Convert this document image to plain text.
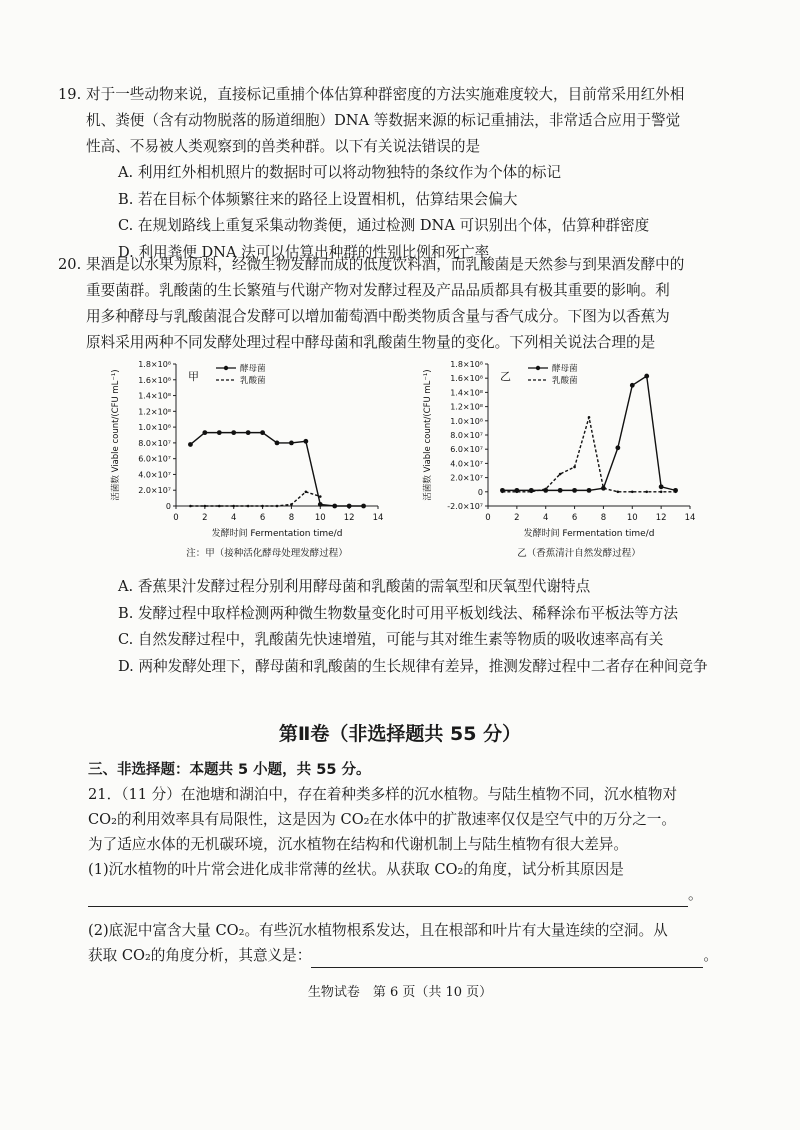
19. 对于一些动物来说，直接标记重捕个体估算种群密度的方法实施难度较大，目前常采用红外相

机、粪便（含有动物脱落的肠道细胞）DNA 等数据来源的标记重捕法，非常适合应用于警觉

性高、不易被人类观察到的兽类种群。以下有关说法错误的是

A. 利用红外相机照片的数据时可以将动物独特的条纹作为个体的标记
B. 若在目标个体频繁往来的路径上设置相机，估算结果会偏大
C. 在规划路线上重复采集动物粪便，通过检测 DNA 可识别出个体，估算种群密度
D. 利用粪便 DNA 法可以估算出种群的性别比例和死亡率

20. 果酒是以水果为原料，经微生物发酵而成的低度饮料酒，而乳酸菌是天然参与到果酒发酵中的

重要菌群。乳酸菌的生长繁殖与代谢产物对发酵过程及产品品质都具有极其重要的影响。利

用多种酵母与乳酸菌混合发酵可以增加葡萄酒中酚类物质含量与香气成分。下图为以香蕉为

原料采用两种不同发酵处理过程中酵母菌和乳酸菌生物量的变化。下列相关说法合理的是

0
2.0×10⁷
4.0×10⁷
6.0×10⁷
8.0×10⁷
1.0×10⁸
1.2×10⁸
1.4×10⁸
1.6×10⁸
1.8×10⁸
0	2	4	6	8 10 12 14
活菌数 Viable count/(CFU mL⁻¹)
发酵时间 Fermentation time/d
注：甲（接种活化酵母处理发酵过程）
甲
酵母菌
乳酸菌
-2.0×10⁷
0
2.0×10⁷
4.0×10⁷
6.0×10⁷
8.0×10⁷
1.0×10⁸
1.2×10⁸
1.4×10⁸
1.6×10⁸
1.8×10⁸
0	2	4	6	8 10 12 14
活菌数 Viable count/(CFU mL⁻¹)
发酵时间 Fermentation time/d
乙（香蕉清汁自然发酵过程）
乙
酵母菌
乳酸菌
A. 香蕉果汁发酵过程分别利用酵母菌和乳酸菌的需氧型和厌氧型代谢特点
B. 发酵过程中取样检测两种微生物数量变化时可用平板划线法、稀释涂布平板法等方法
C. 自然发酵过程中，乳酸菌先快速增殖，可能与其对维生素等物质的吸收速率高有关
D. 两种发酵处理下，酵母菌和乳酸菌的生长规律有差异，推测发酵过程中二者存在种间竞争
第Ⅱ卷（非选择题共 55 分）
三、非选择题：本题共 5 小题，共 55 分。

21．（11 分）在池塘和湖泊中，存在着种类多样的沉水植物。与陆生植物不同，沉水植物对

CO₂的利用效率具有局限性，这是因为 CO₂在水体中的扩散速率仅仅是空气中的万分之一。

为了适应水体的无机碳环境，沉水植物在结构和代谢机制上与陆生植物有很大差异。

(1)沉水植物的叶片常会进化成非常薄的丝状。从获取 CO₂的角度，试分析其原因是

。

(2)底泥中富含大量 CO₂。有些沉水植物根系发达，且在根部和叶片有大量连续的空洞。从

获取 CO₂的角度分析，其意义是：	。

生物试卷　第 6 页（共 10 页）
